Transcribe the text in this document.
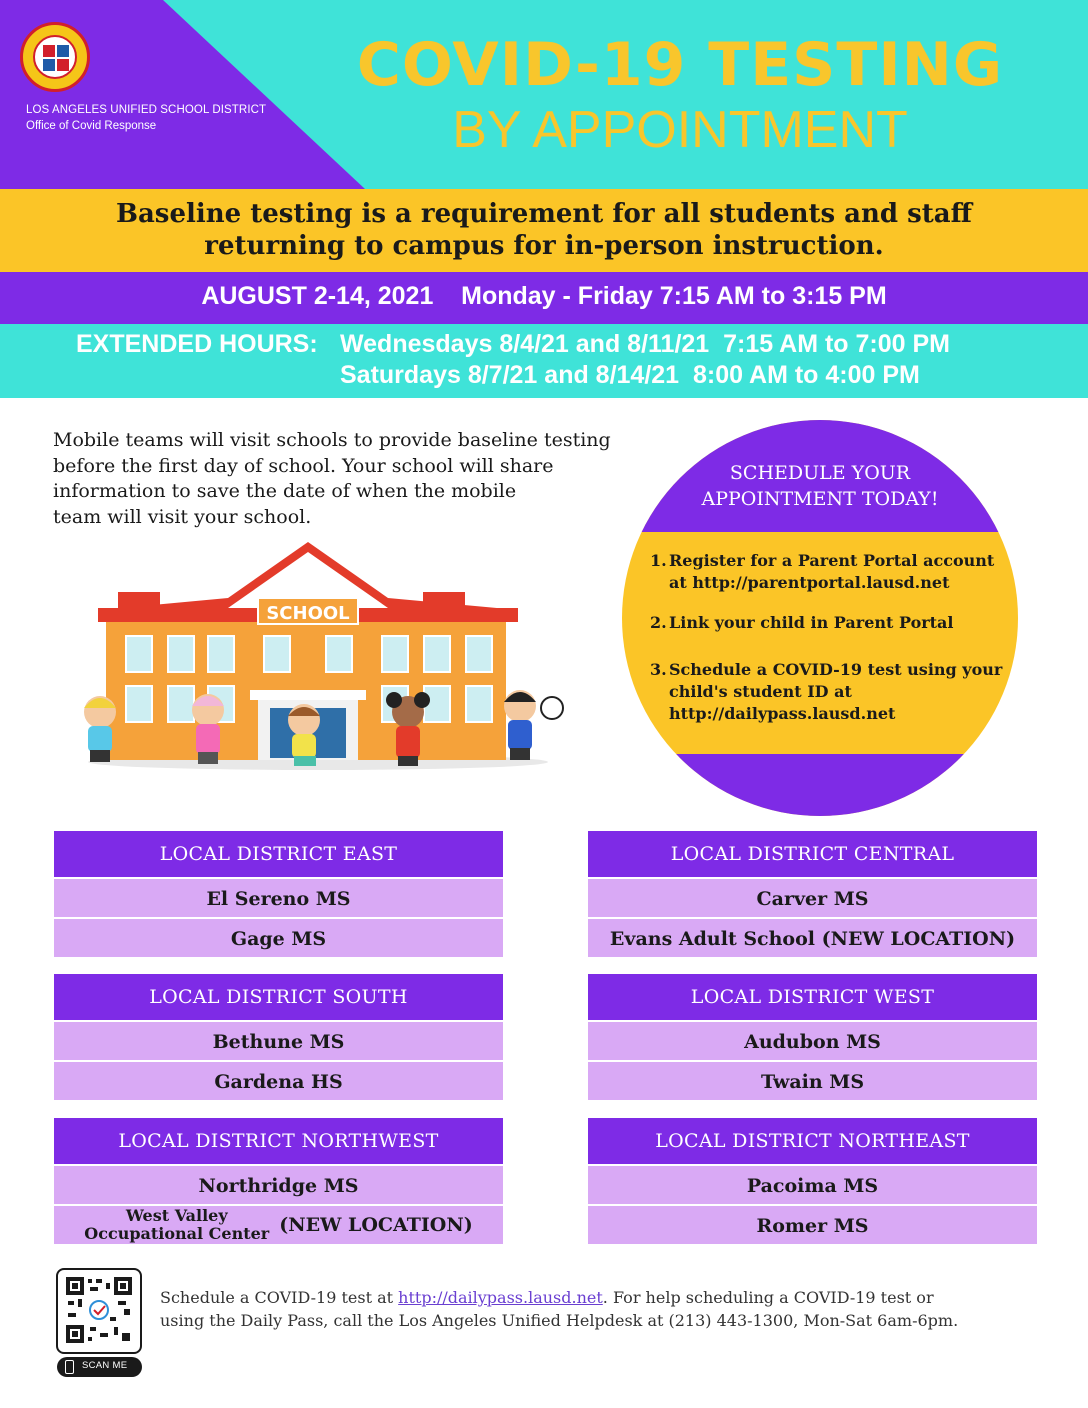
LOS ANGELES UNIFIED SCHOOL DISTRICT
Office of Covid Response
COVID-19 TESTING
BY APPOINTMENT
Baseline testing is a requirement for all students and staff
returning to campus for in-person instruction.
AUGUST 2-14, 2021    Monday - Friday 7:15 AM to 3:15 PM
EXTENDED HOURS: Wednesdays 8/4/21 and 8/11/21  7:15 AM to 7:00 PM
Saturdays 8/7/21 and 8/14/21  8:00 AM to 4:00 PM
Mobile teams will visit schools to provide baseline testing
before the first day of school. Your school will share
information to save the date of when the mobile
team will visit your school.
SCHOOL
SCHEDULE YOUR
APPOINTMENT TODAY!
1. Register for a Parent Portal account
at http://parentportal.lausd.net
2. Link your child in Parent Portal
3. Schedule a COVID-19 test using your
child's student ID at
http://dailypass.lausd.net
LOCAL DISTRICT EAST
El Sereno MS
Gage MS
LOCAL DISTRICT CENTRAL
Carver MS
Evans Adult School (NEW LOCATION)
LOCAL DISTRICT SOUTH
Bethune MS
Gardena HS
LOCAL DISTRICT WEST
Audubon MS
Twain MS
LOCAL DISTRICT NORTHWEST
Northridge MS
West Valley
Occupational Center (NEW LOCATION)
LOCAL DISTRICT NORTHEAST
Pacoima MS
Romer MS
SCAN ME
Schedule a COVID-19 test at http://dailypass.lausd.net. For help scheduling a COVID-19 test or
using the Daily Pass, call the Los Angeles Unified Helpdesk at (213) 443-1300, Mon-Sat 6am-6pm.
